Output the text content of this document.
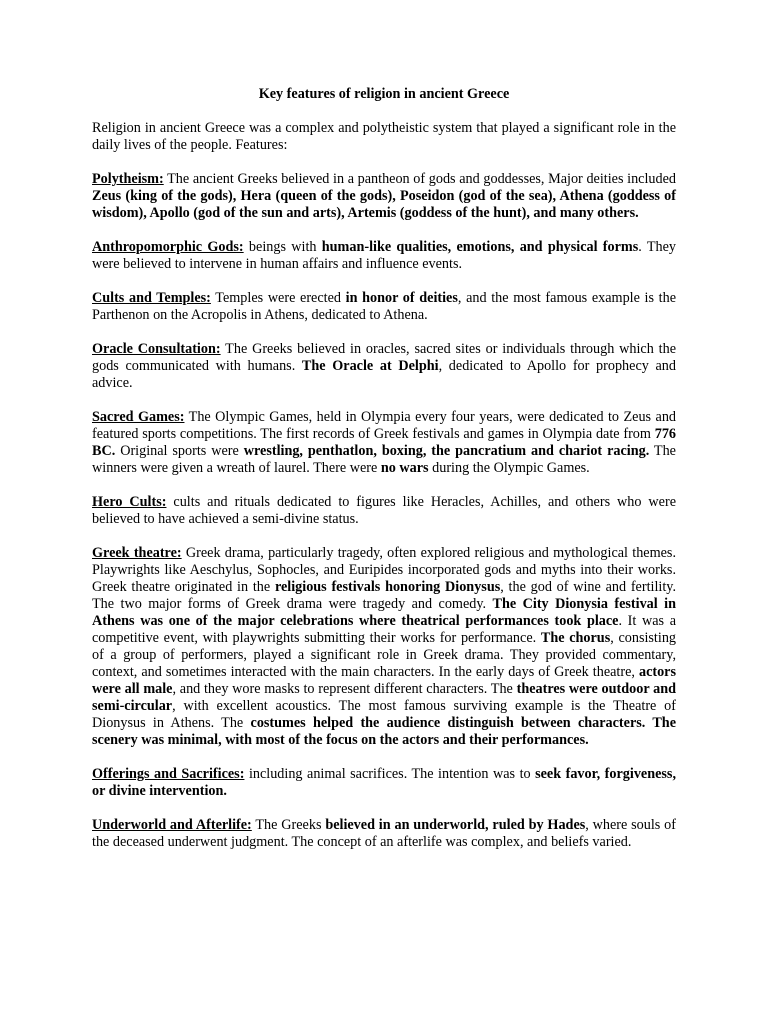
Key features of religion in ancient Greece

Religion in ancient Greece was a complex and polytheistic system that played a significant role in the daily lives of the people. Features:

Polytheism: The ancient Greeks believed in a pantheon of gods and goddesses, Major deities included Zeus (king of the gods), Hera (queen of the gods), Poseidon (god of the sea), Athena (goddess of wisdom), Apollo (god of the sun and arts), Artemis (goddess of the hunt), and many others.

Anthropomorphic Gods: beings with human-like qualities, emotions, and physical forms. They were believed to intervene in human affairs and influence events.

Cults and Temples: Temples were erected in honor of deities, and the most famous example is the Parthenon on the Acropolis in Athens, dedicated to Athena.

Oracle Consultation: The Greeks believed in oracles, sacred sites or individuals through which the gods communicated with humans. The Oracle at Delphi, dedicated to Apollo for prophecy and advice.

Sacred Games: The Olympic Games, held in Olympia every four years, were dedicated to Zeus and featured sports competitions. The first records of Greek festivals and games in Olympia date from 776 BC. Original sports were wrestling, penthatlon, boxing, the pancratium and chariot racing. The winners were given a wreath of laurel. There were no wars during the Olympic Games.

Hero Cults: cults and rituals dedicated to figures like Heracles, Achilles, and others who were believed to have achieved a semi-divine status.

Greek theatre: Greek drama, particularly tragedy, often explored religious and mythological themes. Playwrights like Aeschylus, Sophocles, and Euripides incorporated gods and myths into their works. Greek theatre originated in the religious festivals honoring Dionysus, the god of wine and fertility. The two major forms of Greek drama were tragedy and comedy. The City Dionysia festival in Athens was one of the major celebrations where theatrical performances took place. It was a competitive event, with playwrights submitting their works for performance. The chorus, consisting of a group of performers, played a significant role in Greek drama. They provided commentary, context, and sometimes interacted with the main characters. In the early days of Greek theatre, actors were all male, and they wore masks to represent different characters. The theatres were outdoor and semi-circular, with excellent acoustics. The most famous surviving example is the Theatre of Dionysus in Athens. The costumes helped the audience distinguish between characters. The scenery was minimal, with most of the focus on the actors and their performances.

Offerings and Sacrifices: including animal sacrifices. The intention was to seek favor, forgiveness, or divine intervention.

Underworld and Afterlife: The Greeks believed in an underworld, ruled by Hades, where souls of the deceased underwent judgment. The concept of an afterlife was complex, and beliefs varied.
